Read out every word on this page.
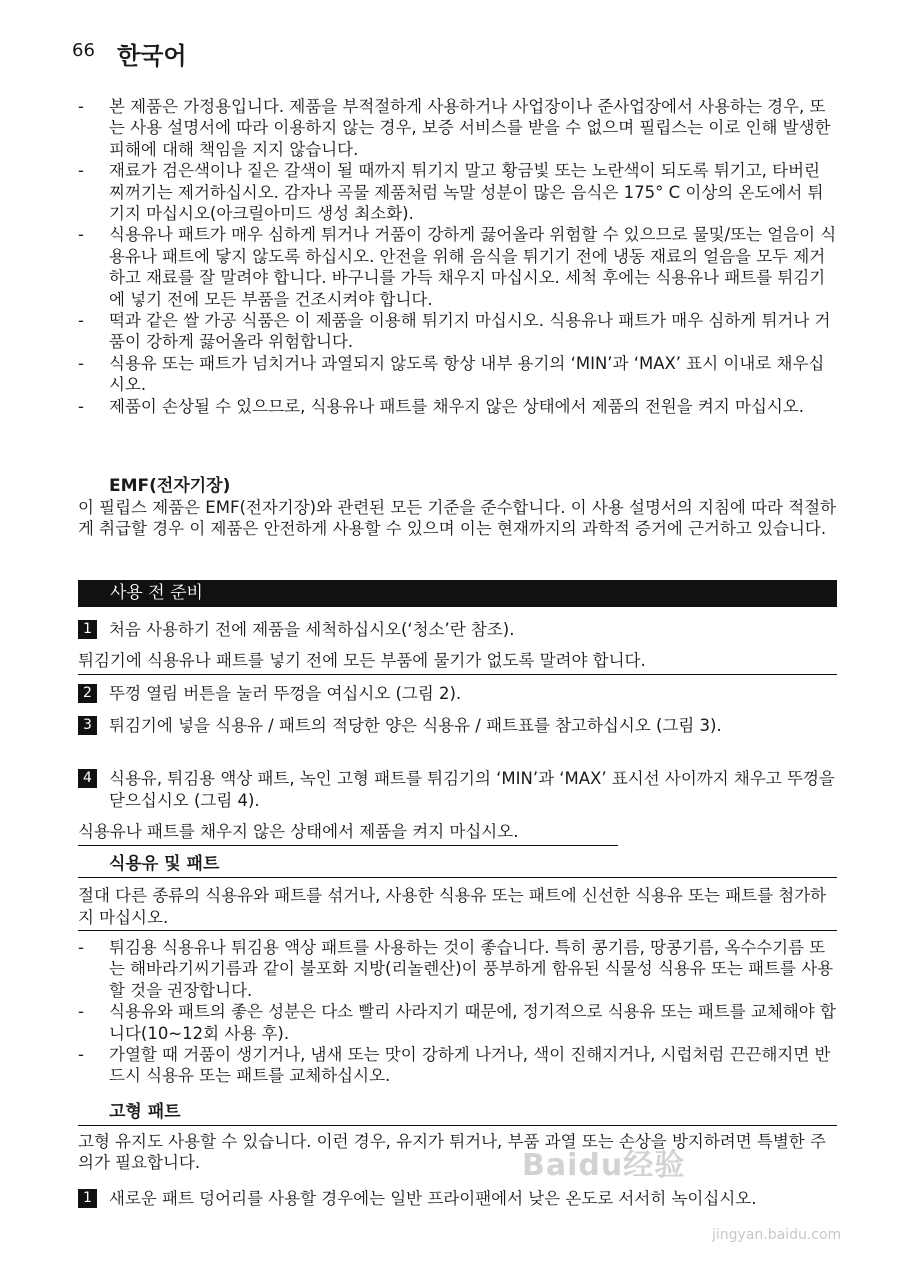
66 한국어
- 본 제품은 가정용입니다. 제품을 부적절하게 사용하거나 사업장이나 준사업장에서 사용하는 경우, 또는 사용 설명서에 따라 이용하지 않는 경우, 보증 서비스를 받을 수 없으며 필립스는 이로 인해 발생한 피해에 대해 책임을 지지 않습니다.
- 재료가 검은색이나 짙은 갈색이 될 때까지 튀기지 말고 황금빛 또는 노란색이 되도록 튀기고, 타버린 찌꺼기는 제거하십시오. 감자나 곡물 제품처럼 녹말 성분이 많은 음식은 175° C 이상의 온도에서 튀기지 마십시오(아크릴아미드 생성 최소화).
- 식용유나 패트가 매우 심하게 튀거나 거품이 강하게 끓어올라 위험할 수 있으므로 물및/또는 얼음이 식용유나 패트에 닿지 않도록 하십시오. 안전을 위해 음식을 튀기기 전에 냉동 재료의 얼음을 모두 제거하고 재료를 잘 말려야 합니다. 바구니를 가득 채우지 마십시오. 세척 후에는 식용유나 패트를 튀김기에 넣기 전에 모든 부품을 건조시켜야 합니다.
- 떡과 같은 쌀 가공 식품은 이 제품을 이용해 튀기지 마십시오. 식용유나 패트가 매우 심하게 튀거나 거품이 강하게 끓어올라 위험합니다.
- 식용유 또는 패트가 넘치거나 과열되지 않도록 항상 내부 용기의 ‘MIN’과 ‘MAX’ 표시 이내로 채우십시오.
- 제품이 손상될 수 있으므로, 식용유나 패트를 채우지 않은 상태에서 제품의 전원을 켜지 마십시오.
EMF(전자기장)
이 필립스 제품은 EMF(전자기장)와 관련된 모든 기준을 준수합니다. 이 사용 설명서의 지침에 따라 적절하게 취급할 경우 이 제품은 안전하게 사용할 수 있으며 이는 현재까지의 과학적 증거에 근거하고 있습니다.
사용 전 준비
1	처음 사용하기 전에 제품을 세척하십시오(‘청소’란 참조).
튀김기에 식용유나 패트를 넣기 전에 모든 부품에 물기가 없도록 말려야 합니다.
2	뚜껑 열림 버튼을 눌러 뚜껑을 여십시오 (그림 2).
3	튀김기에 넣을 식용유 / 패트의 적당한 양은 식용유 / 패트표를 참고하십시오 (그림 3).
4	식용유, 튀김용 액상 패트, 녹인 고형 패트를 튀김기의 ‘MIN’과 ‘MAX’ 표시선 사이까지 채우고 뚜껑을 닫으십시오 (그림 4).
식용유나 패트를 채우지 않은 상태에서 제품을 켜지 마십시오.
식용유 및 패트
절대 다른 종류의 식용유와 패트를 섞거나, 사용한 식용유 또는 패트에 신선한 식용유 또는 패트를 첨가하지 마십시오.
- 튀김용 식용유나 튀김용 액상 패트를 사용하는 것이 좋습니다. 특히 콩기름, 땅콩기름, 옥수수기름 또는 해바라기씨기름과 같이 불포화 지방(리놀렌산)이 풍부하게 함유된 식물성 식용유 또는 패트를 사용할 것을 권장합니다.
- 식용유와 패트의 좋은 성분은 다소 빨리 사라지기 때문에, 정기적으로 식용유 또는 패트를 교체해야 합니다(10~12회 사용 후).
- 가열할 때 거품이 생기거나, 냄새 또는 맛이 강하게 나거나, 색이 진해지거나, 시럽처럼 끈끈해지면 반드시 식용유 또는 패트를 교체하십시오.
고형 패트
고형 유지도 사용할 수 있습니다. 이런 경우, 유지가 튀거나, 부품 과열 또는 손상을 방지하려면 특별한 주의가 필요합니다.
1	새로운 패트 덩어리를 사용할 경우에는 일반 프라이팬에서 낮은 온도로 서서히 녹이십시오.
Baidu经验
jingyan.baidu.com
